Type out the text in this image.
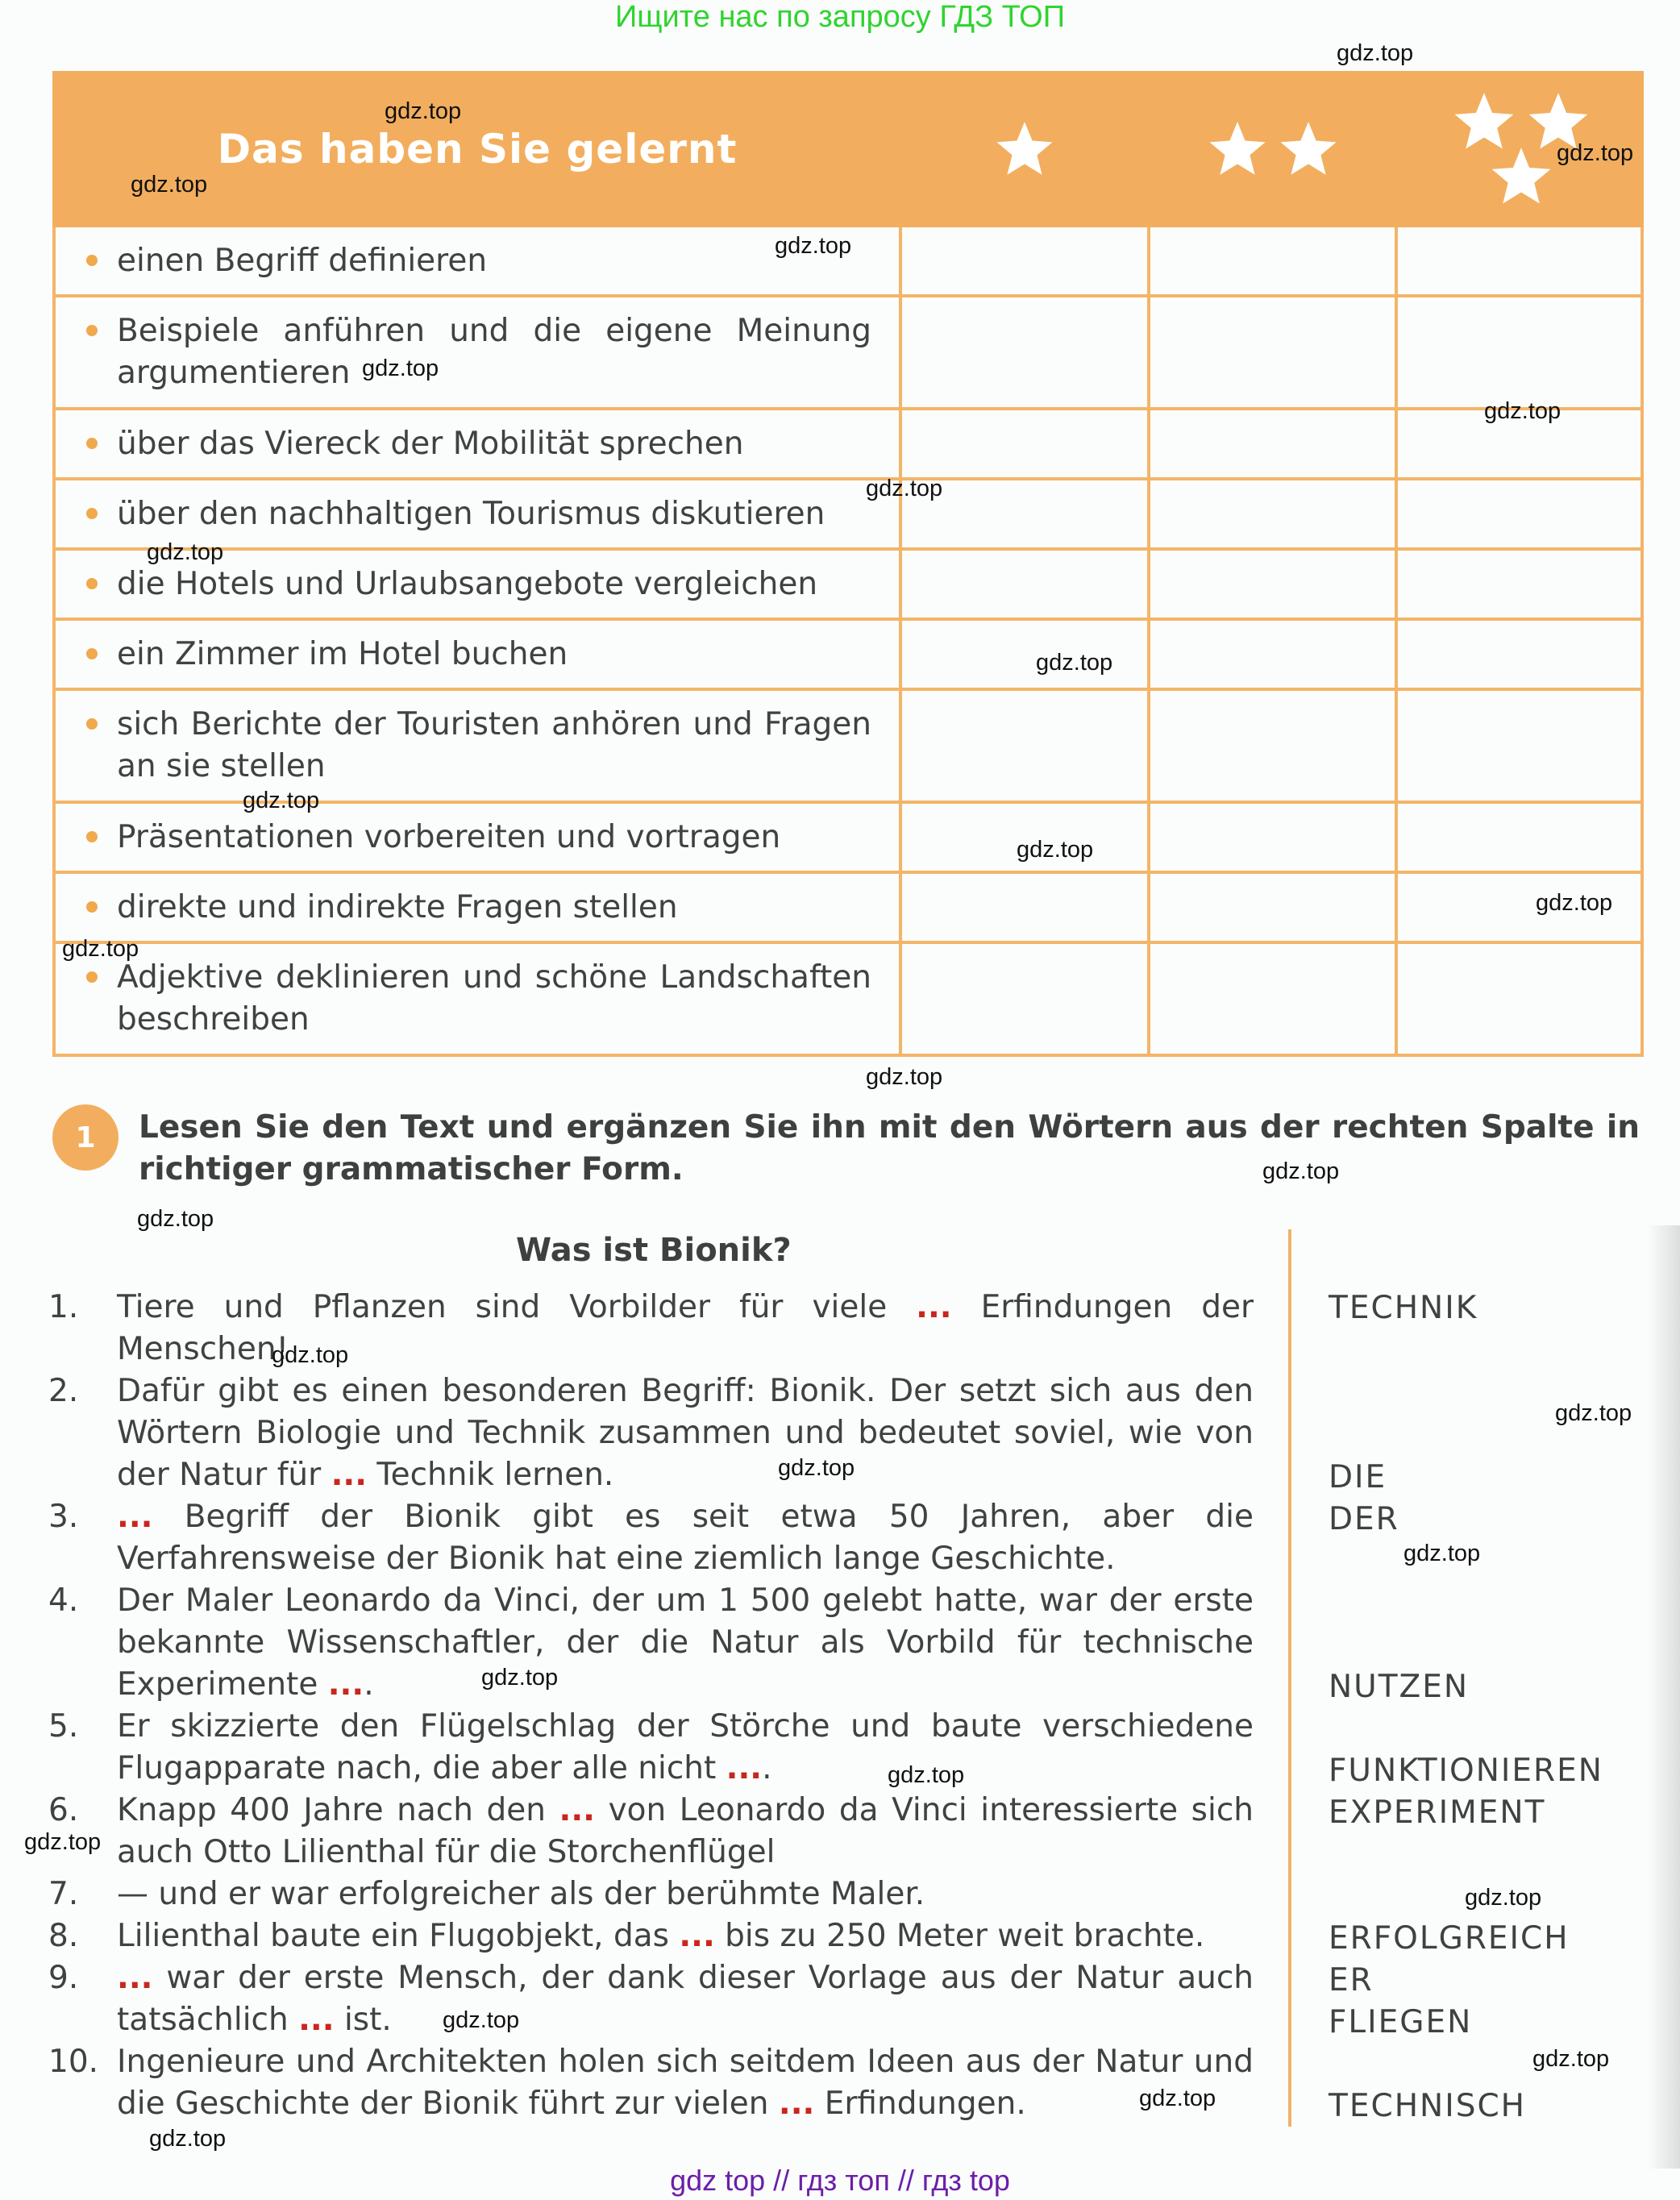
Ищите нас по запросу ГДЗ ТОП
Das haben Sie gelernt

einen Begriff definieren			

Beispiele anführen und die eigene Meinung argumentieren			

über das Viereck der Mobilität sprechen			

über den nachhaltigen Tourismus diskutieren			

die Hotels und Urlaubsangebote vergleichen			

ein Zimmer im Hotel buchen			

sich Berichte der Touristen anhören und Fragen an sie stellen			

Präsentationen vorbereiten und vortragen			

direkte und indirekte Fragen stellen			

Adjektive deklinieren und schöne Landschaften beschreiben			
1	Lesen Sie den Text und ergänzen Sie ihn mit den Wörtern aus der rechten Spalte in richtiger grammatischer Form.
Was ist Bionik?
1.	Tiere und Pflanzen sind Vorbilder für viele ... Erfindungen der Menschen!
2.	Dafür gibt es einen besonderen Begriff: Bionik. Der setzt sich aus den Wörtern Biologie und Technik zusammen und bedeutet soviel, wie von der Natur für ... Technik lernen.
3.	... Begriff der Bionik gibt es seit etwa 50 Jahren, aber die Verfahrensweise der Bionik hat eine ziemlich lange Geschichte.
4.	Der Maler Leonardo da Vinci, der um 1 500 gelebt hatte, war der erste bekannte Wissenschaftler, der die Natur als Vorbild für technische Experimente ....
5.	Er skizzierte den Flügelschlag der Störche und baute verschiedene Flugapparate nach, die aber alle nicht ....
6.	Knapp 400 Jahre nach den ... von Leonardo da Vinci interessierte sich auch Otto Lilienthal für die Storchenflügel
7.	— und er war erfolgreicher als der berühmte Maler.
8.	Lilienthal baute ein Flugobjekt, das ... bis zu 250 Meter weit brachte.
9.	... war der erste Mensch, der dank dieser Vorlage aus der Natur auch tatsächlich ... ist.
10. Ingenieure und Architekten holen sich seitdem Ideen aus der Natur und die Geschichte der Bionik führt zur vielen ... Erfindungen.
TECHNIK
DIE
DER
NUTZEN
FUNKTIONIEREN
EXPERIMENT
ERFOLGREICH
ER
FLIEGEN
TECHNISCH
gdz.top
gdz.top
gdz.top
gdz.top
gdz.top
gdz.top
gdz.top
gdz.top
gdz.top
gdz.top
gdz.top
gdz.top
gdz.top
gdz.top
gdz.top
gdz.top
gdz.top
gdz.top
gdz.top
gdz.top
gdz.top
gdz.top
gdz.top
gdz.top
gdz.top
gdz.top
gdz.top
gdz.top
gdz.top
gdz top // гдз топ // гдз top
